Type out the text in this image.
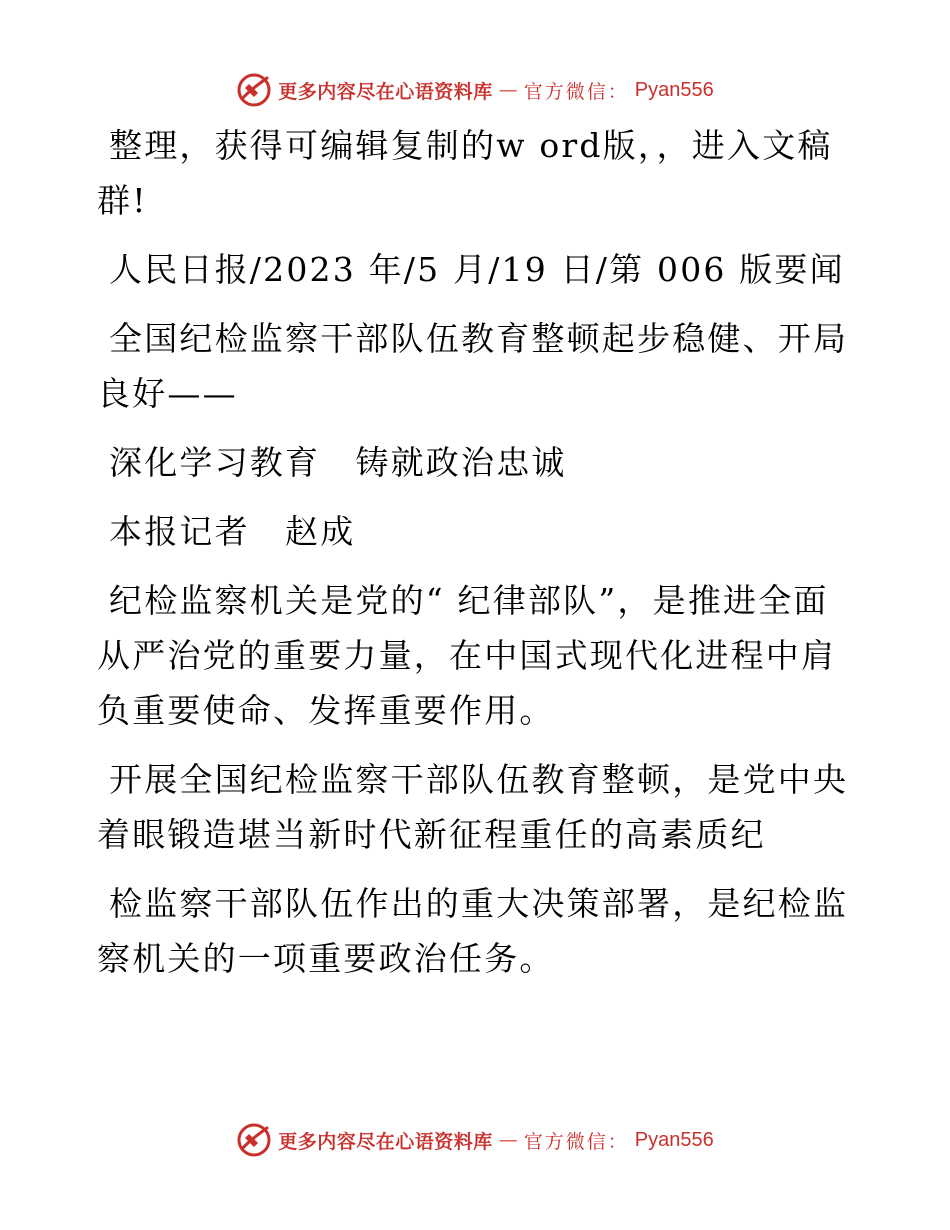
更多内容尽在心语资料库 — 官方微信： Pyan556

整理，获得可编辑复制的w ord版，，进入文稿群!

人民日报/2023 年/5 月/19 日/第 006 版要闻

全国纪检监察干部队伍教育整顿起步稳健、开局良好——

深化学习教育　铸就政治忠诚

本报记者　赵成

纪检监察机关是党的“ 纪律部队”，是推进全面从严治党的重要力量，在中国式现代化进程中肩负重要使命、发挥重要作用。

开展全国纪检监察干部队伍教育整顿，是党中央着眼锻造堪当新时代新征程重任的高素质纪

检监察干部队伍作出的重大决策部署，是纪检监察机关的一项重要政治任务。

更多内容尽在心语资料库 — 官方微信： Pyan556
